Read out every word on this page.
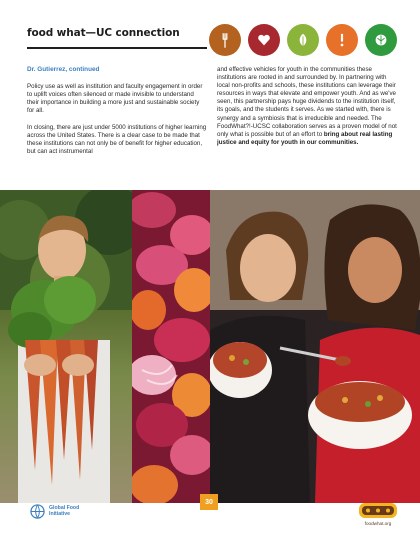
food what—UC connection
Dr. Gutierrez, continued
Policy use as well as institution and faculty engagement in order to uplift voices often silenced or made invisible to understand their importance in building a more just and sustainable society for all.
In closing, there are just under 5000 institutions of higher learning across the United States. There is a clear case to be made that these institutions can not only be of benefit for higher education, but can act instrumental
and effective vehicles for youth in the communities these institutions are rooted in and surrounded by. In partnering with local non-profits and schools, these institutions can leverage their resources in ways that elevate and empower youth. And as we've seen, this partnership pays huge dividends to the institution itself, its goals, and the students it serves. As we started with, there is synergy and a symbiosis that is irreducible and needed. The FoodWhat?!-UCSC collaboration serves as a proven model of not only what is possible but of an effort to bring about real lasting justice and equity for youth in our communities.
30
Global Food
Initiative
foodwhat.org
